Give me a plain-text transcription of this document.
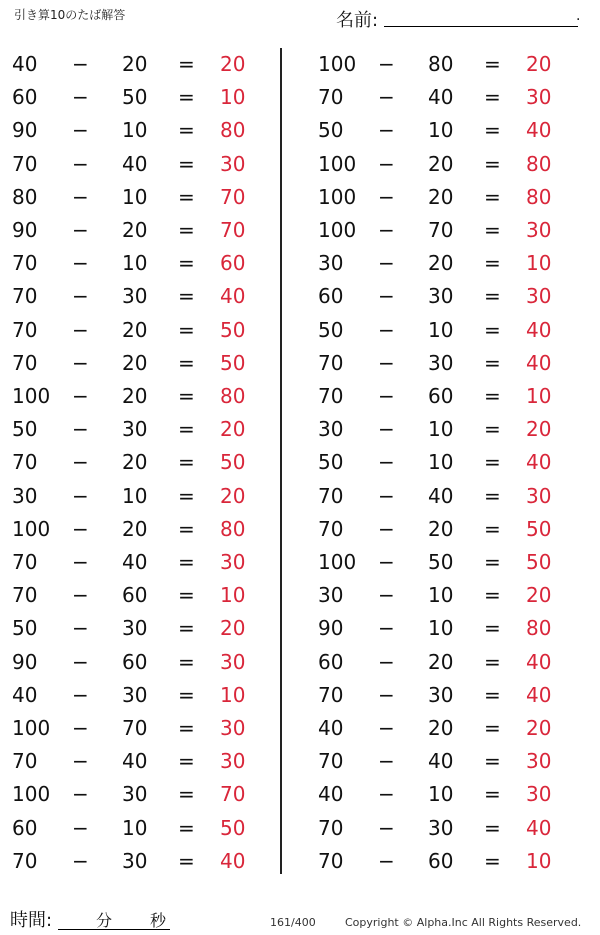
引き算10のたば解答	名前:	.
40	− 20	=	20
60	− 50	=	10
90	− 10	=	80
70	− 40	=	30
80	− 10	=	70
90	− 20	=	70
70	− 10	=	60
70	− 30	=	40
70	− 20	=	50
70	− 20	=	50
100	− 20	=	80
50	− 30	=	20
70	− 20	=	50
30	− 10	=	20
100	− 20	=	80
70	− 40	=	30
70	− 60	=	10
50	− 30	=	20
90	− 60	=	30
40	− 30	=	10
100	− 70	=	30
70	− 40	=	30
100	− 30	=	70
60	− 10	=	50
70	− 30	=	40
100	− 80	=	20
70	− 40	=	30
50	− 10	=	40
100	− 20	=	80
100	− 20	=	80
100	− 70	=	30
30	− 20	=	10
60	− 30	=	30
50	− 10	=	40
70	− 30	=	40
70	− 60	=	10
30	− 10	=	20
50	− 10	=	40
70	− 40	=	30
70	− 20	=	50
100	− 50	=	50
30	− 10	=	20
90	− 10	=	80
60	− 20	=	40
70	− 30	=	40
40	− 20	=	20
70	− 40	=	30
40	− 10	=	30
70	− 30	=	40
70	− 60	=	10
時間:	分 秒	161/400	Copyright © Alpha.Inc All Rights Reserved.
